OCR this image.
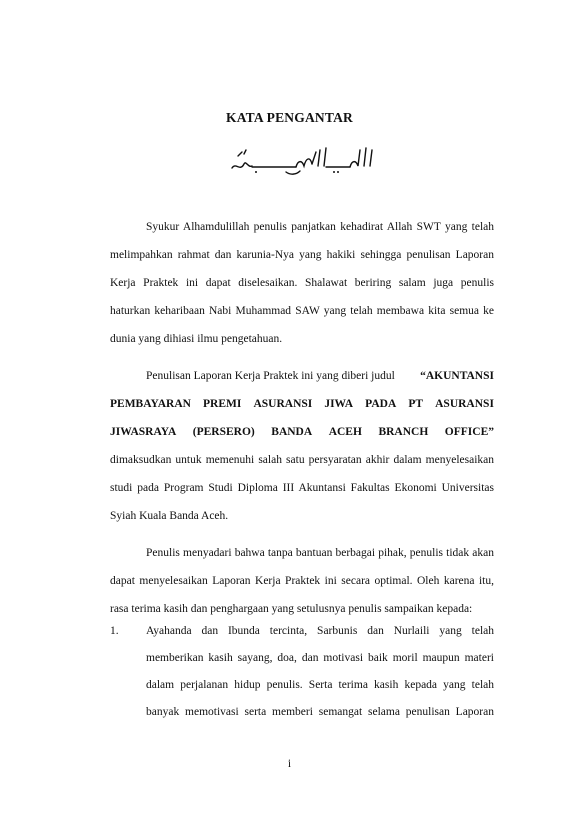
KATA PENGANTAR

Syukur Alhamdulillah penulis panjatkan kehadirat Allah SWT yang telah melimpahkan rahmat dan karunia-Nya yang hakiki sehingga penulisan Laporan Kerja Praktek ini dapat diselesaikan. Shalawat beriring salam juga penulis haturkan keharibaan Nabi Muhammad SAW yang telah membawa kita semua ke dunia yang dihiasi ilmu pengetahuan.

Penulisan Laporan Kerja Praktek ini yang diberi judul “AKUNTANSI
PEMBAYARAN PREMI ASURANSI JIWA PADA PT ASURANSI
JIWASRAYA (PERSERO) BANDA ACEH BRANCH OFFICE”
dimaksudkan untuk memenuhi salah satu persyaratan akhir dalam menyelesaikan studi pada Program Studi Diploma III Akuntansi Fakultas Ekonomi Universitas Syiah Kuala Banda Aceh.

Penulis menyadari bahwa tanpa bantuan berbagai pihak, penulis tidak akan dapat menyelesaikan Laporan Kerja Praktek ini secara optimal. Oleh karena itu, rasa terima kasih dan penghargaan yang setulusnya penulis sampaikan kepada:

1.	Ayahanda dan Ibunda tercinta, Sarbunis dan Nurlaili yang telah
memberikan kasih sayang, doa, dan motivasi baik moril maupun materi
dalam perjalanan hidup penulis. Serta terima kasih kepada yang telah
banyak memotivasi serta memberi semangat selama penulisan Laporan
i
